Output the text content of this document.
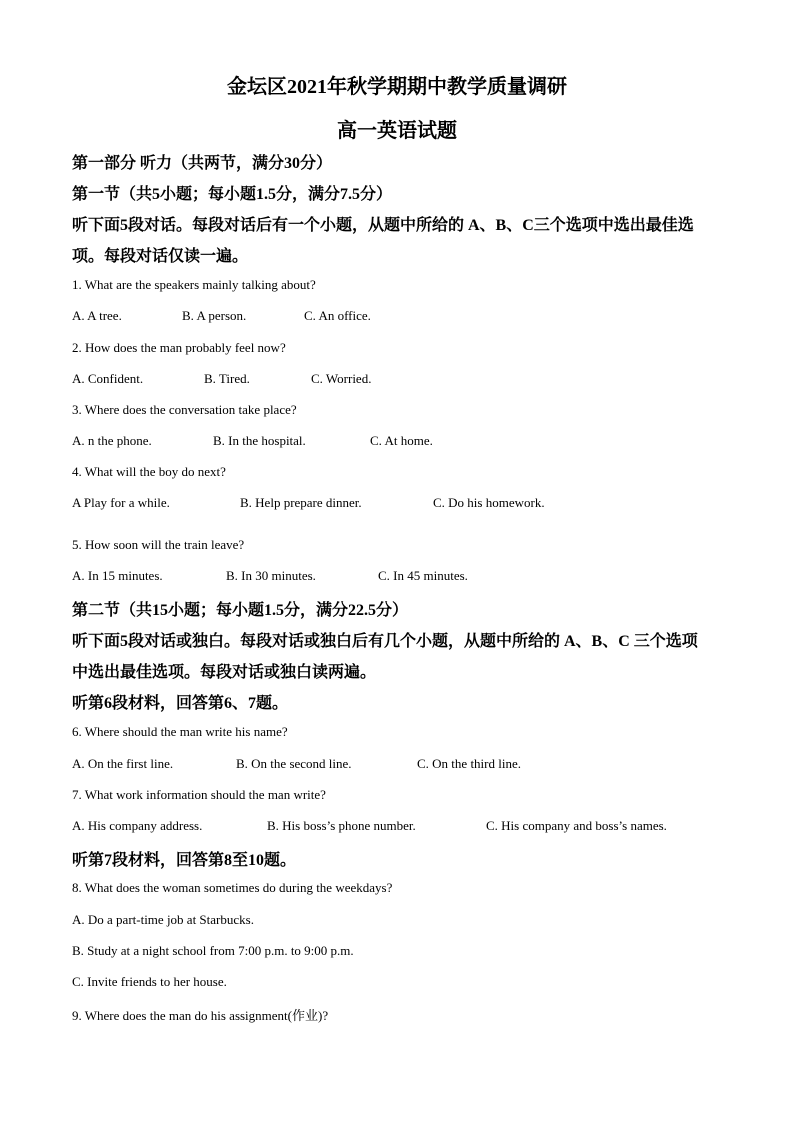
金坛区2021年秋学期期中教学质量调研
高一英语试题
第一部分 听力（共两节，满分30分）
第一节（共5小题；每小题1.5分，满分7.5分）
听下面5段对话。每段对话后有一个小题，从题中所给的 A、B、C三个选项中选出最佳选
项。每段对话仅读一遍。
1. What are the speakers mainly talking about?
A. A tree.	B. A person.	C. An office.
2. How does the man probably feel now?
A. Confident.	B. Tired.	C. Worried.
3. Where does the conversation take place?
A. n the phone.	B. In the hospital.	C. At home.
4. What will the boy do next?
A Play for a while.	B. Help prepare dinner.	C. Do his homework.
5. How soon will the train leave?
A. In 15 minutes.	B. In 30 minutes.	C. In 45 minutes.
第二节（共15小题；每小题1.5分，满分22.5分）
听下面5段对话或独白。每段对话或独白后有几个小题，从题中所给的 A、B、C 三个选项
中选出最佳选项。每段对话或独白读两遍。
听第6段材料，回答第6、7题。
6. Where should the man write his name?
A. On the first line.	B. On the second line.	C. On the third line.
7. What work information should the man write?
A. His company address.	B. His boss’s phone number.	C. His company and boss’s names.
听第7段材料，回答第8至10题。
8. What does the woman sometimes do during the weekdays?
A. Do a part-time job at Starbucks.
B. Study at a night school from 7:00 p.m. to 9:00 p.m.
C. Invite friends to her house.
9. Where does the man do his assignment(作业)?
